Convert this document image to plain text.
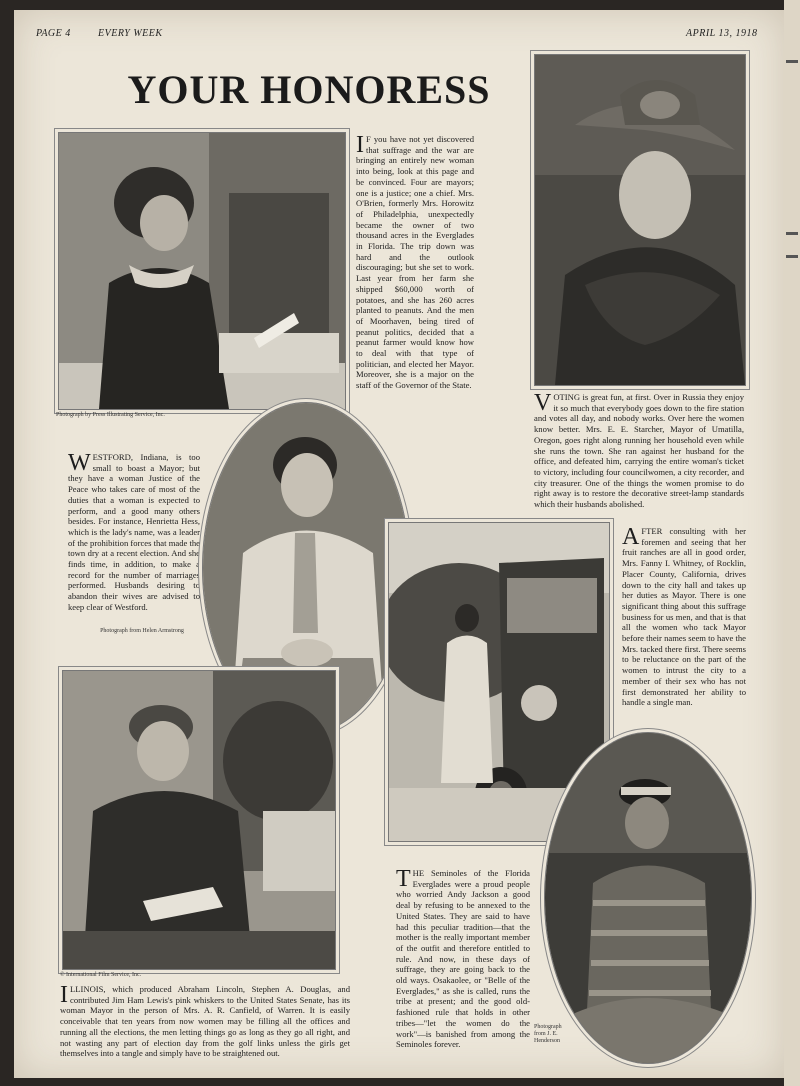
PAGE 4	EVERY WEEK	APRIL 13, 1918
YOUR HONORESS
Photograph by Press Illustrating Service, Inc.
I F you have not yet discovered that suffrage and the war are bringing an entirely new woman into being, look at this page and be convinced. Four are mayors; one is a justice; one a chief. Mrs. O'Brien, formerly Mrs. Horowitz of Philadelphia, unexpectedly became the owner of two thousand acres in the Everglades in Florida. The trip down was hard and the outlook discouraging; but she set to work. Last year from her farm she shipped $60,000 worth of potatoes, and she has 260 acres planted to peanuts. And the men of Moorhaven, being tired of peanut politics, decided that a peanut farmer would know how to deal with that type of politician, and elected her Mayor. Moreover, she is a major on the staff of the Governor of the State.
VOTING is great fun, at first. Over in Russia they enjoy it so much that everybody goes down to the fire station and votes all day, and nobody works. Over here the women know better. Mrs. E. E. Starcher, Mayor of Umatilla, Oregon, goes right along running her household even while she runs the town. She ran against her husband for the office, and defeated him, carrying the entire woman's ticket to victory, including four councilwomen, a city recorder, and city treasurer. One of the things the women promise to do right away is to restore the decorative street-lamp standards which their husbands abolished.
WESTFORD, Indiana, is too small to boast a Mayor; but they have a woman Justice of the Peace who takes care of most of the duties that a woman is expected to perform, and a good many others besides. For instance, Henrietta Hess, which is the lady's name, was a leader of the prohibition forces that made the town dry at a recent election. And she finds time, in addition, to make a record for the number of marriages performed. Husbands desiring to abandon their wives are advised to keep clear of Westford.
Photograph from Helen Armstrong
AFTER consulting with her foremen and seeing that her fruit ranches are all in good order, Mrs. Fanny I. Whitney, of Rocklin, Placer County, California, drives down to the city hall and takes up her duties as Mayor. There is one significant thing about this suffrage business for us men, and that is that all the women who tack Mayor before their names seem to have the Mrs. tacked there first. There seems to be reluctance on the part of the women to intrust the city to a member of their sex who has not first demonstrated her ability to handle a single man.
© International Film Service, Inc.
ILLINOIS, which produced Abraham Lincoln, Stephen A. Douglas, and contributed Jim Ham Lewis's pink whiskers to the United States Senate, has its woman Mayor in the person of Mrs. A. R. Canfield, of Warren. It is easily conceivable that ten years from now women may be filling all the offices and running all the elections, the men letting things go as long as they go all right, and not wasting any part of election day from the golf links unless the girls get themselves into a tangle and simply have to be straightened out.
THE Seminoles of the Florida Everglades were a proud people who worried Andy Jackson a good deal by refusing to be annexed to the United States. They are said to have had this peculiar tradition—that the mother is the really important member of the outfit and therefore entitled to rule. And now, in these days of suffrage, they are going back to the old ways. Osakaolee, or "Belle of the Everglades," as she is called, runs the tribe at present; and the good old-fashioned rule that holds in other tribes—"let the women do the work"—is banished from among the Seminoles forever.
Photograph from J. E. Henderson
